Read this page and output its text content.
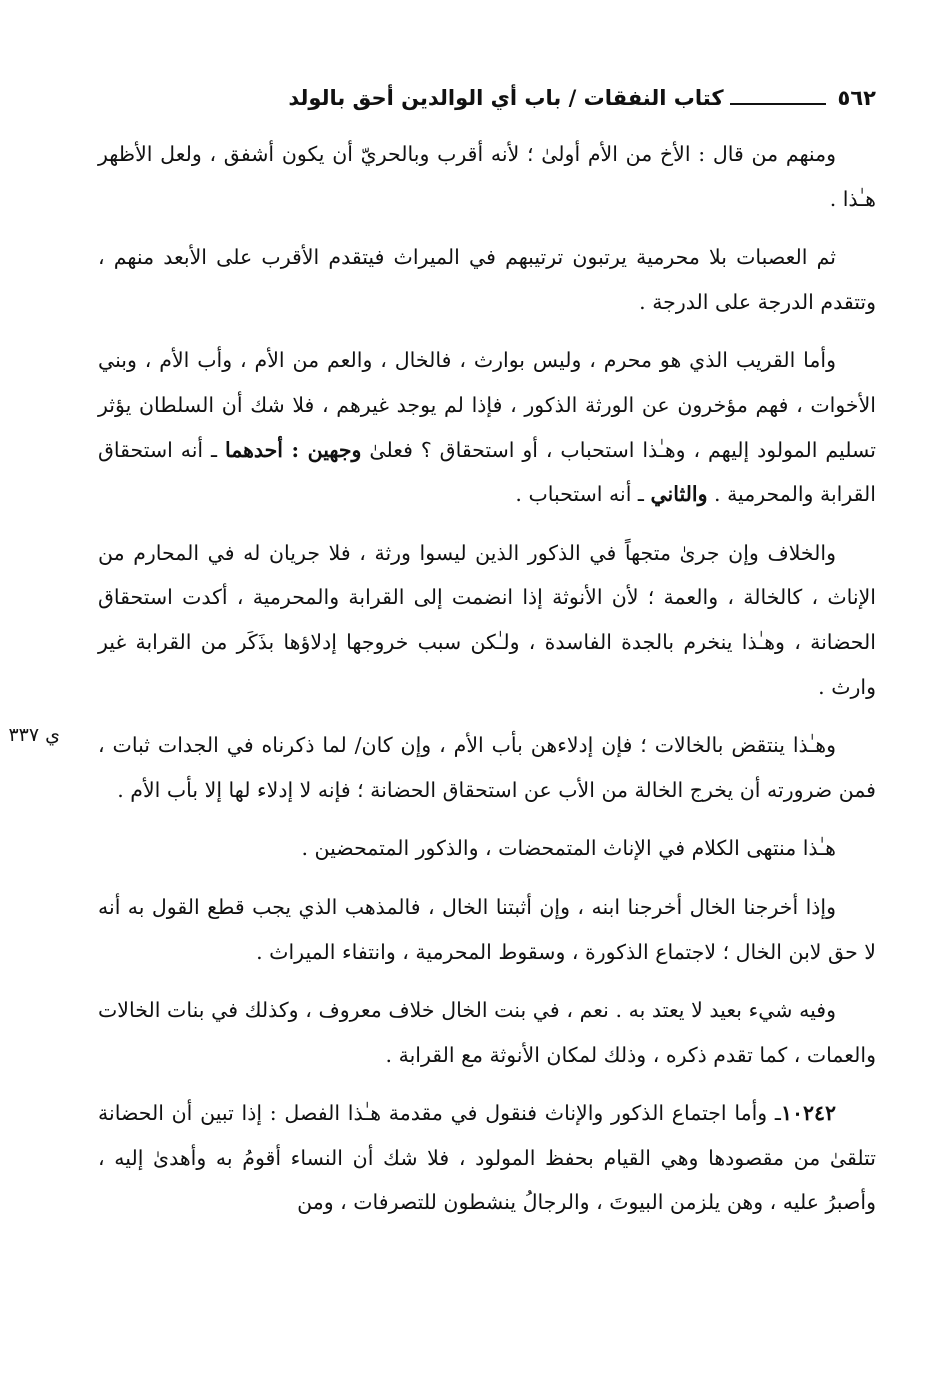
٥٦٢
كتاب النفقات / باب أي الوالدين أحق بالولد
ي ٣٣٧

ومنهم من قال : الأخ من الأم أولىٰ ؛ لأنه أقرب وبالحريّ أن يكون أشفق ، ولعل الأظهر هـٰذا .

ثم العصبات بلا محرمية يرتبون ترتيبهم في الميراث فيتقدم الأقرب على الأبعد منهم ، وتتقدم الدرجة على الدرجة .

وأما القريب الذي هو محرم ، وليس بوارث ، فالخال ، والعم من الأم ، وأب الأم ، وبني الأخوات ، فهم مؤخرون عن الورثة الذكور ، فإذا لم يوجد غيرهم ، فلا شك أن السلطان يؤثر تسليم المولود إليهم ، وهـٰذا استحباب ، أو استحقاق ؟ فعلىٰ وجهين : أحدهما ـ أنه استحقاق القرابة والمحرمية . والثاني ـ أنه استحباب .

والخلاف وإن جرىٰ متجهاً في الذكور الذين ليسوا ورثة ، فلا جريان له في المحارم من الإناث ، كالخالة ، والعمة ؛ لأن الأنوثة إذا انضمت إلى القرابة والمحرمية ، أكدت استحقاق الحضانة ، وهـٰذا ينخرم بالجدة الفاسدة ، ولـٰكن سبب خروجها إدلاؤها بذَكَر من القرابة غير وارث .

وهـٰذا ينتقض بالخالات ؛ فإن إدلاءهن بأب الأم ، وإن كان/ لما ذكرناه في الجدات ثبات ، فمن ضرورته أن يخرج الخالة من الأب عن استحقاق الحضانة ؛ فإنه لا إدلاء لها إلا بأب الأم .

هـٰذا منتهى الكلام في الإناث المتمحضات ، والذكور المتمحضين .

وإذا أخرجنا الخال أخرجنا ابنه ، وإن أثبتنا الخال ، فالمذهب الذي يجب قطع القول به أنه لا حق لابن الخال ؛ لاجتماع الذكورة ، وسقوط المحرمية ، وانتفاء الميراث .

وفيه شيء بعيد لا يعتد به . نعم ، في بنت الخال خلاف معروف ، وكذلك في بنات الخالات والعمات ، كما تقدم ذكره ، وذلك لمكان الأنوثة مع القرابة .

١٠٢٤٢ـ وأما اجتماع الذكور والإناث فنقول في مقدمة هـٰذا الفصل : إذا تبين أن الحضانة تتلقىٰ من مقصودها وهي القيام بحفظ المولود ، فلا شك أن النساء أقومُ به وأهدىٰ إليه ، وأصبرُ عليه ، وهن يلزمن البيوتَ ، والرجالُ ينشطون للتصرفات ، ومن
